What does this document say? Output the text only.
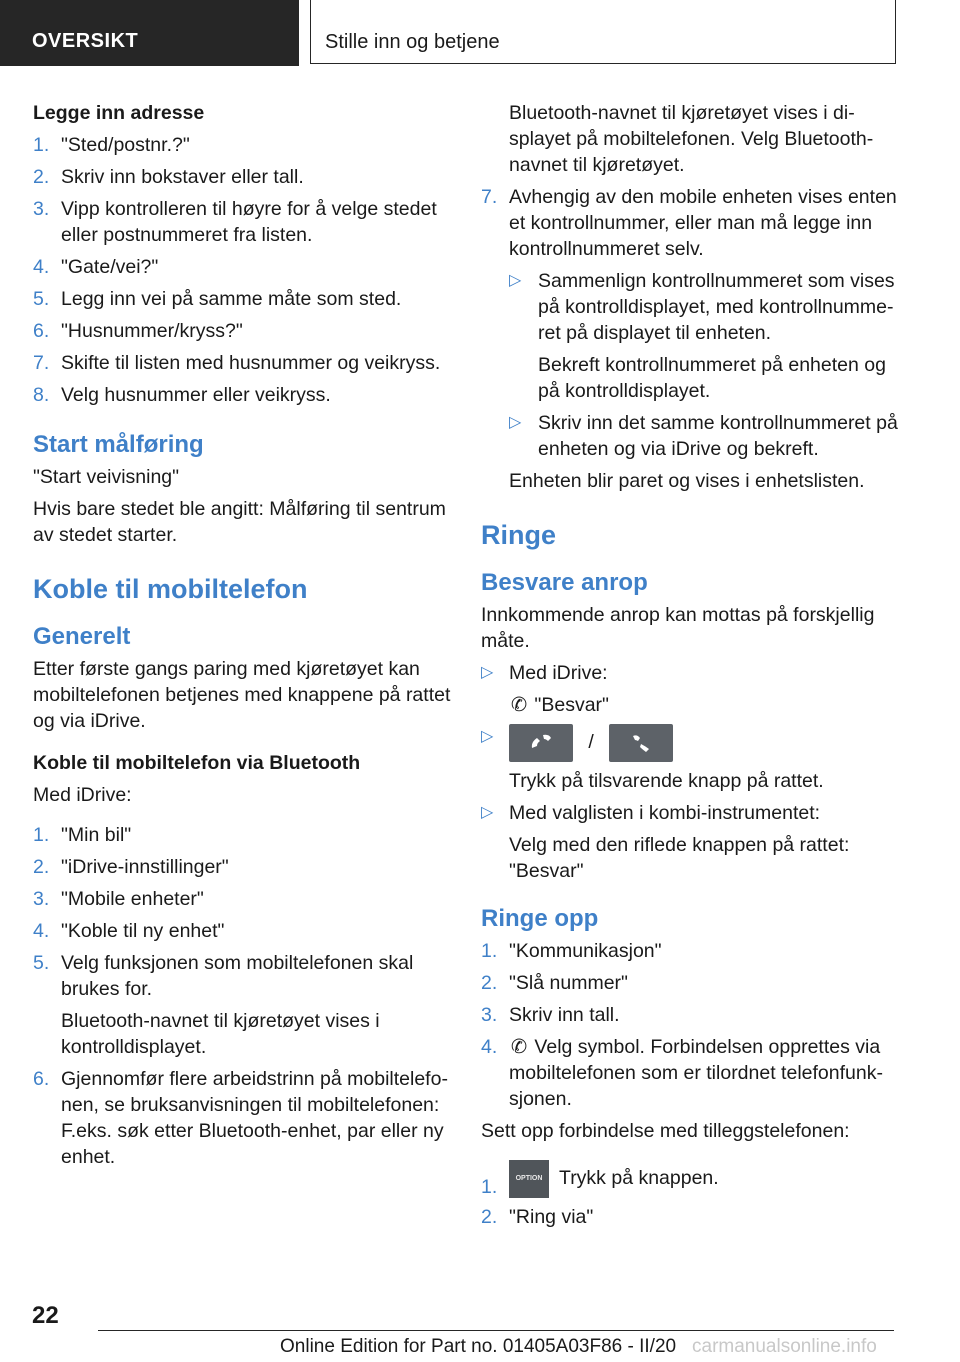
OVERSIKT	Stille inn og betjene

Legge inn adresse

1. "Sted/postnr.?"
2. Skriv inn bokstaver eller tall.
3. Vipp kontrolleren til høyre for å velge stedet eller postnummeret fra listen.
4. "Gate/vei?"
5. Legg inn vei på samme måte som sted.
6. "Husnummer/kryss?"
7. Skifte til listen med husnummer og veikryss.
8. Velg husnummer eller veikryss.
Start målføring

"Start veivisning"

Hvis bare stedet ble angitt: Målføring til sentrum av stedet starter.

Koble til mobiltelefon
Generelt

Etter første gangs paring med kjøretøyet kan mobiltelefonen betjenes med knappene på rattet og via iDrive.

Koble til mobiltelefon via Bluetooth

Med iDrive:

1. "Min bil"
2. "iDrive-innstillinger"
3. "Mobile enheter"
4. "Koble til ny enhet"
5. Velg funksjonen som mobiltelefonen skal brukes for.

Bluetooth-navnet til kjøretøyet vises i kontrolldisplayet.

6. Gjennomfør flere arbeidstrinn på mobiltelefonen, se bruksanvisningen til mobiltelefonen: F.eks. søk etter Bluetooth-enhet, par eller ny enhet.

Bluetooth-navnet til kjøretøyet vises i displayet på mobiltelefonen. Velg Bluetooth-navnet til kjøretøyet.

7. Avhengig av den mobile enheten vises enten et kontrollnummer, eller man må legge inn kontrollnummeret selv.
▷ Sammenlign kontrollnummeret som vises på kontrolldisplayet, med kontrollnummeret på displayet til enheten.

Bekreft kontrollnummeret på enheten og på kontrolldisplayet.

▷ Skriv inn det samme kontrollnummeret på enheten og via iDrive og bekreft.

Enheten blir paret og vises i enhetslisten.

Ringe
Besvare anrop

Innkommende anrop kan mottas på forskjellig måte.

▷ Med iDrive:

✆ "Besvar"

▷	/

Trykk på tilsvarende knapp på rattet.

▷ Med valglisten i kombi-instrumentet:

Velg med den riflede knappen på rattet: "Besvar"

Ringe opp
1. "Kommunikasjon"
2. "Slå nummer"
3. Skriv inn tall.
4. ✆ Velg symbol. Forbindelsen opprettes via mobiltelefonen som er tilordnet telefonfunksjonen.

Sett opp forbindelse med tilleggstelefonen:

1.	OPTION Trykk på knappen.
2. "Ring via"
22
Online Edition for Part no. 01405A03F86 - II/20 carmanualsonline.info
